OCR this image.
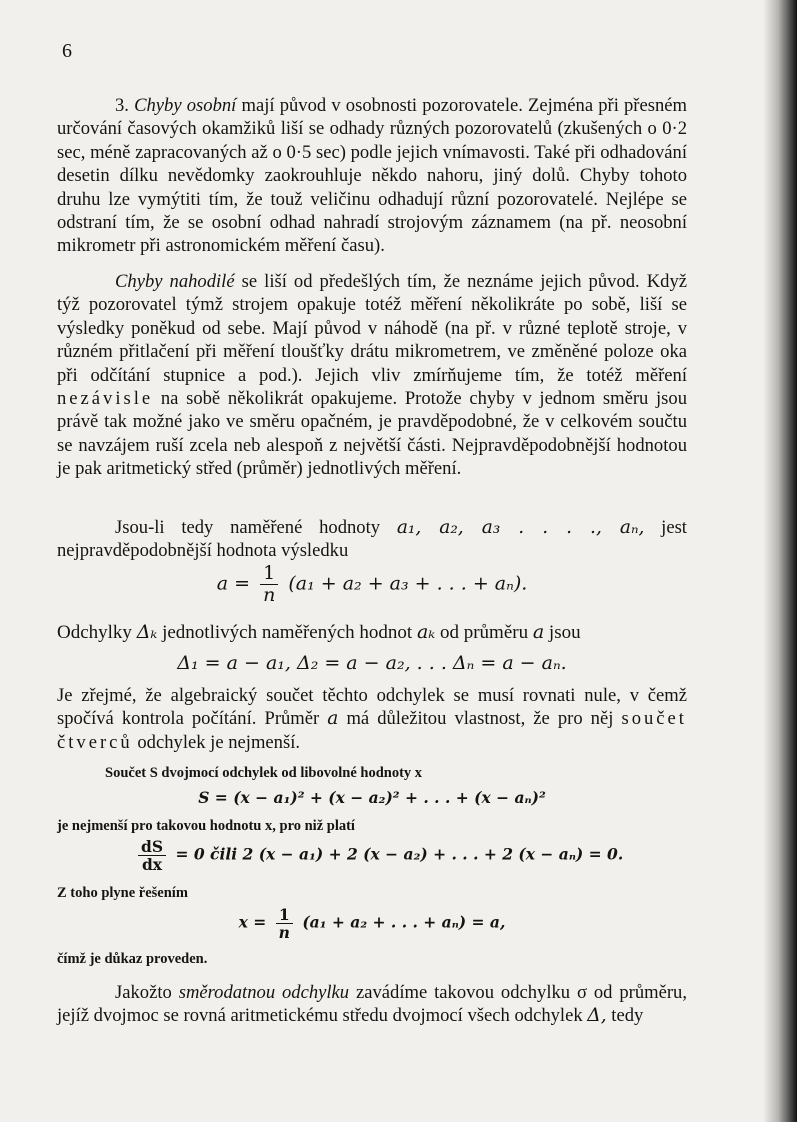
6

3. Chyby osobní mají původ v osobnosti pozorovatele. Zejména při přesném určování časových okamžiků liší se odhady různých pozorovatelů (zkušených o 0·2 sec, méně zapracovaných až o 0·5 sec) podle jejich vnímavosti. Také při odhadování desetin dílku nevědomky zaokrouhluje někdo nahoru, jiný dolů. Chyby tohoto druhu lze vymýtiti tím, že touž veličinu odhadují různí pozorovatelé. Nejlépe se odstraní tím, že se osobní odhad nahradí strojovým záznamem (na př. neosobní mikrometr při astronomickém měření času).

Chyby nahodilé se liší od předešlých tím, že neznáme jejich původ. Když týž pozorovatel týmž strojem opakuje totéž měření několikráte po sobě, liší se výsledky poněkud od sebe. Mají původ v náhodě (na př. v různé teplotě stroje, v různém přitlačení při měření tloušťky drátu mikrometrem, ve změněné poloze oka při odčítání stupnice a pod.). Jejich vliv zmírňujeme tím, že totéž měření nezávisle na sobě několikrát opakujeme. Protože chyby v jednom směru jsou právě tak možné jako ve směru opačném, je pravděpodobné, že v celkovém součtu se navzájem ruší zcela neb alespoň z největší části. Nejpravděpodobnější hodnotou je pak aritmetický střed (průměr) jednotlivých měření.

Jsou-li tedy naměřené hodnoty a₁, a₂, a₃ . . . ., aₙ, jest nejpravděpodobnější hodnota výsledku

$a = \frac{1}{n} (a_1 + a_2 + a_3$ + . . . + aₙ).

Odchylky Δₖ jednotlivých naměřených hodnot aₖ od průměru a jsou

Δ₁ = a − a₁, Δ₂ = a − a₂, . . . Δₙ = a − aₙ.

Je zřejmé, že algebraický součet těchto odchylek se musí rovnati nule, v čemž spočívá kontrola počítání. Průměr a má důležitou vlastnost, že pro něj součet čtverců odchylek je nejmenší.

Součet S dvojmocí odchylek od libovolné hodnoty x
S = (x − a₁)² + (x − a₂)² + . . . + (x − aₙ)²
je nejmenší pro takovou hodnotu x, pro niž platí
$\frac{dS}{dx} = 0$ čili 2 (x − a₁) + 2 (x − a₂) + . . . + 2 (x − aₙ) = 0.
Z toho plyne řešením
$x = \frac{1}{n} (a_1 + a_2$ + . . . + aₙ) = a,
čímž je důkaz proveden.

Jakožto směrodatnou odchylku zavádíme takovou odchylku σ od průměru, jejíž dvojmoc se rovná aritmetickému středu dvojmocí všech odchylek Δ, tedy
